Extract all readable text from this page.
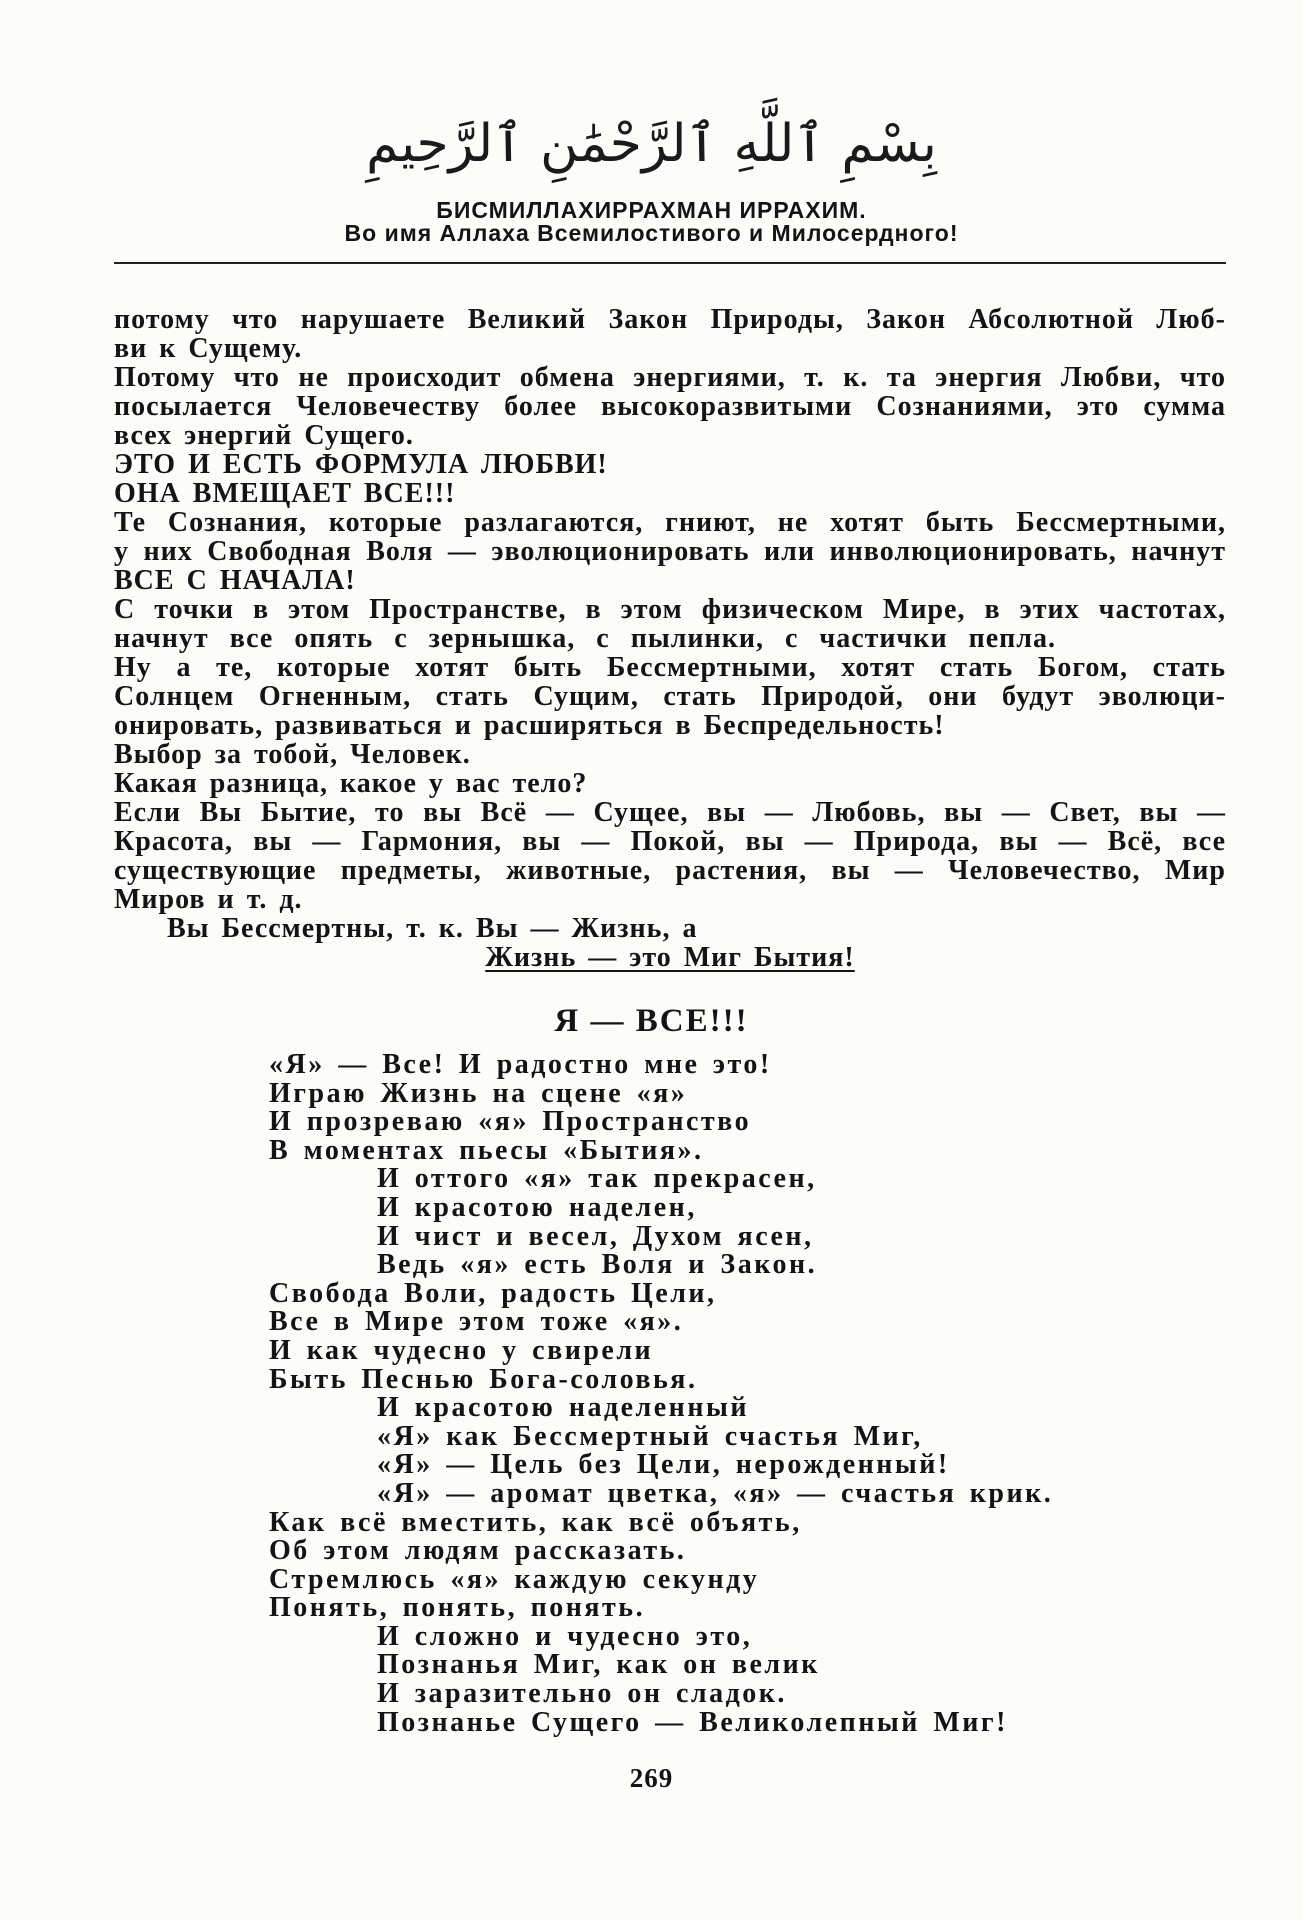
بِسْمِ ٱللَّهِ ٱلرَّحْمَٰنِ ٱلرَّحِيمِ
БИСМИЛЛАХИРРАХМАН ИРРАХИМ.
Во имя Аллаха Всемилостивого и Милосердного!
потому что нарушаете Великий Закон Природы, Закон Абсолютной Люб-
ви к Сущему.
Потому что не происходит обмена энергиями, т. к. та энергия Любви, что
посылается Человечеству более высокоразвитыми Сознаниями, это сумма
всех энергий Сущего.
ЭТО И ЕСТЬ ФОРМУЛА ЛЮБВИ!
ОНА ВМЕЩАЕТ ВСЕ!!!
Те Сознания, которые разлагаются, гниют, не хотят быть Бессмертными,
у них Свободная Воля — эволюционировать или инволюционировать, начнут
ВСЕ С НАЧАЛА!
С точки в этом Пространстве, в этом физическом Мире, в этих частотах,
начнут все опять с зернышка, с пылинки, с частички пепла.
Ну а те, которые хотят быть Бессмертными, хотят стать Богом, стать
Солнцем Огненным, стать Сущим, стать Природой, они будут эволюци-
онировать, развиваться и расширяться в Беспредельность!
Выбор за тобой, Человек.
Какая разница, какое у вас тело?
Если Вы Бытие, то вы Всё — Сущее, вы — Любовь, вы — Свет, вы —
Красота, вы — Гармония, вы — Покой, вы — Природа, вы — Всё, все
существующие предметы, животные, растения, вы — Человечество, Мир
Миров и т. д.
Вы Бессмертны, т. к. Вы — Жизнь, а
Жизнь — это Миг Бытия!
Я — ВСЕ!!!
«Я» — Все! И радостно мне это!
Играю Жизнь на сцене «я»
И прозреваю «я» Пространство
В моментах пьесы «Бытия».
И оттого «я» так прекрасен,
И красотою наделен,
И чист и весел, Духом ясен,
Ведь «я» есть Воля и Закон.
Свобода Воли, радость Цели,
Все в Мире этом тоже «я».
И как чудесно у свирели
Быть Песнью Бога-соловья.
И красотою наделенный
«Я» как Бессмертный счастья Миг,
«Я» — Цель без Цели, нерожденный!
«Я» — аромат цветка, «я» — счастья крик.
Как всё вместить, как всё объять,
Об этом людям рассказать.
Стремлюсь «я» каждую секунду
Понять, понять, понять.
И сложно и чудесно это,
Познанья Миг, как он велик
И заразительно он сладок.
Познанье Сущего — Великолепный Миг!
269
